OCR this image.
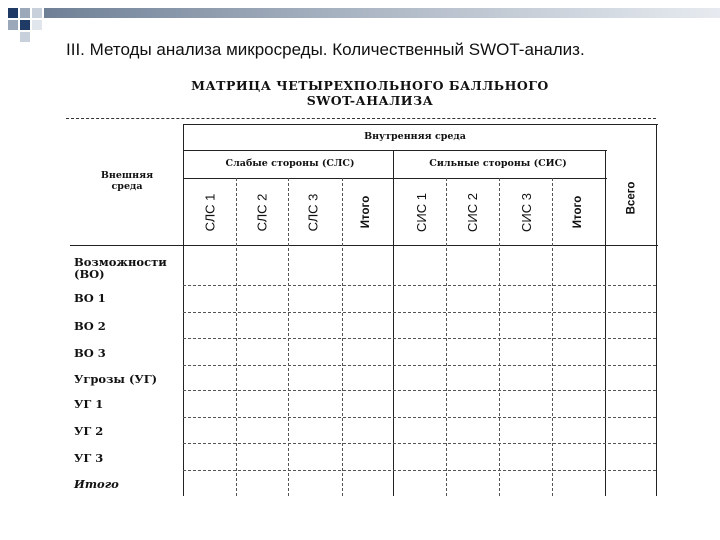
III. Методы анализа микросреды. Количественный SWOT-анализ.
МАТРИЦА ЧЕТЫРЕХПОЛЬНОГО БАЛЛЬНОГО
SWOT-АНАЛИЗА
Внутренняя среда
Слабые стороны (СЛС)	Сильные стороны (СИС)
Внешняя
среда
СЛС 1	СЛС 2	СЛС 3	Итого	СИС 1	СИС 2	СИС 3	Итого	Всего
Возможности
(ВО)
ВО 1
ВО 2
ВО 3
Угрозы (УГ)
УГ 1
УГ 2
УГ 3
Итого
